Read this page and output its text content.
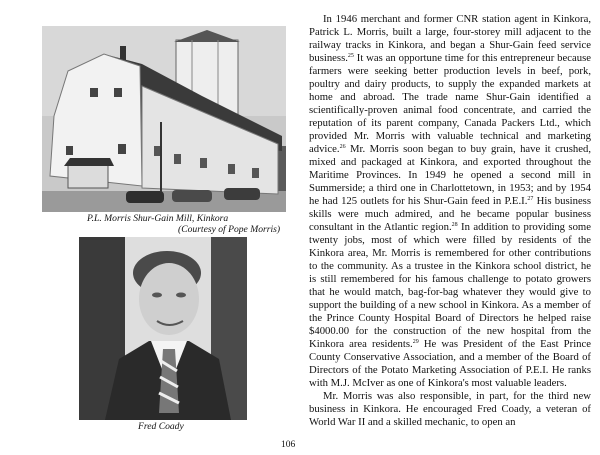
P.L. Morris Shur-Gain Mill, Kinkora
(Courtesy of Pope Morris)
Fred Coady
106

In 1946 merchant and former CNR station agent in Kinkora, Patrick L. Morris, built a large, four-storey mill adjacent to the railway tracks in Kinkora, and began a Shur-Gain feed service business.$^{25}$ It was an opportune time for this entrepreneur because farmers were seeking better production levels in beef, pork, poultry and dairy products, to supply the expanded markets at home and abroad. The trade name Shur-Gain identified a scientifically-proven animal food concentrate, and carried the reputation of its parent company, Canada Packers Ltd., which provided Mr. Morris with valuable technical and marketing advice.$^{26}$ Mr. Morris soon began to buy grain, have it crushed, mixed and packaged at Kinkora, and exported throughout the Maritime Provinces. In 1949 he opened a second mill in Summerside; a third one in Charlottetown, in 1953; and by 1954 he had 125 outlets for his Shur-Gain feed in P.E.I.$^{27}$ His business skills were much admired, and he became popular business consultant in the Atlantic region.$^{28}$ In addition to providing some twenty jobs, most of which were filled by residents of the Kinkora area, Mr. Morris is remembered for other contributions to the community. As a trustee in the Kinkora school district, he is still remembered for his famous challenge to potato growers that he would match, bag-for-bag whatever they would give to support the building of a new school in Kinkora. As a member of the Prince County Hospital Board of Directors he helped raise $4000.00 for the construction of the new hospital from the Kinkora area residents.$^{29}$ He was President of the East Prince County Conservative Association, and a member of the Board of Directors of the Potato Marketing Association of P.E.I. He ranks with M.J. McIver as one of Kinkora's most valuable leaders.

Mr. Morris was also responsible, in part, for the third new business in Kinkora. He encouraged Fred Coady, a veteran of World War II and a skilled mechanic, to open an
